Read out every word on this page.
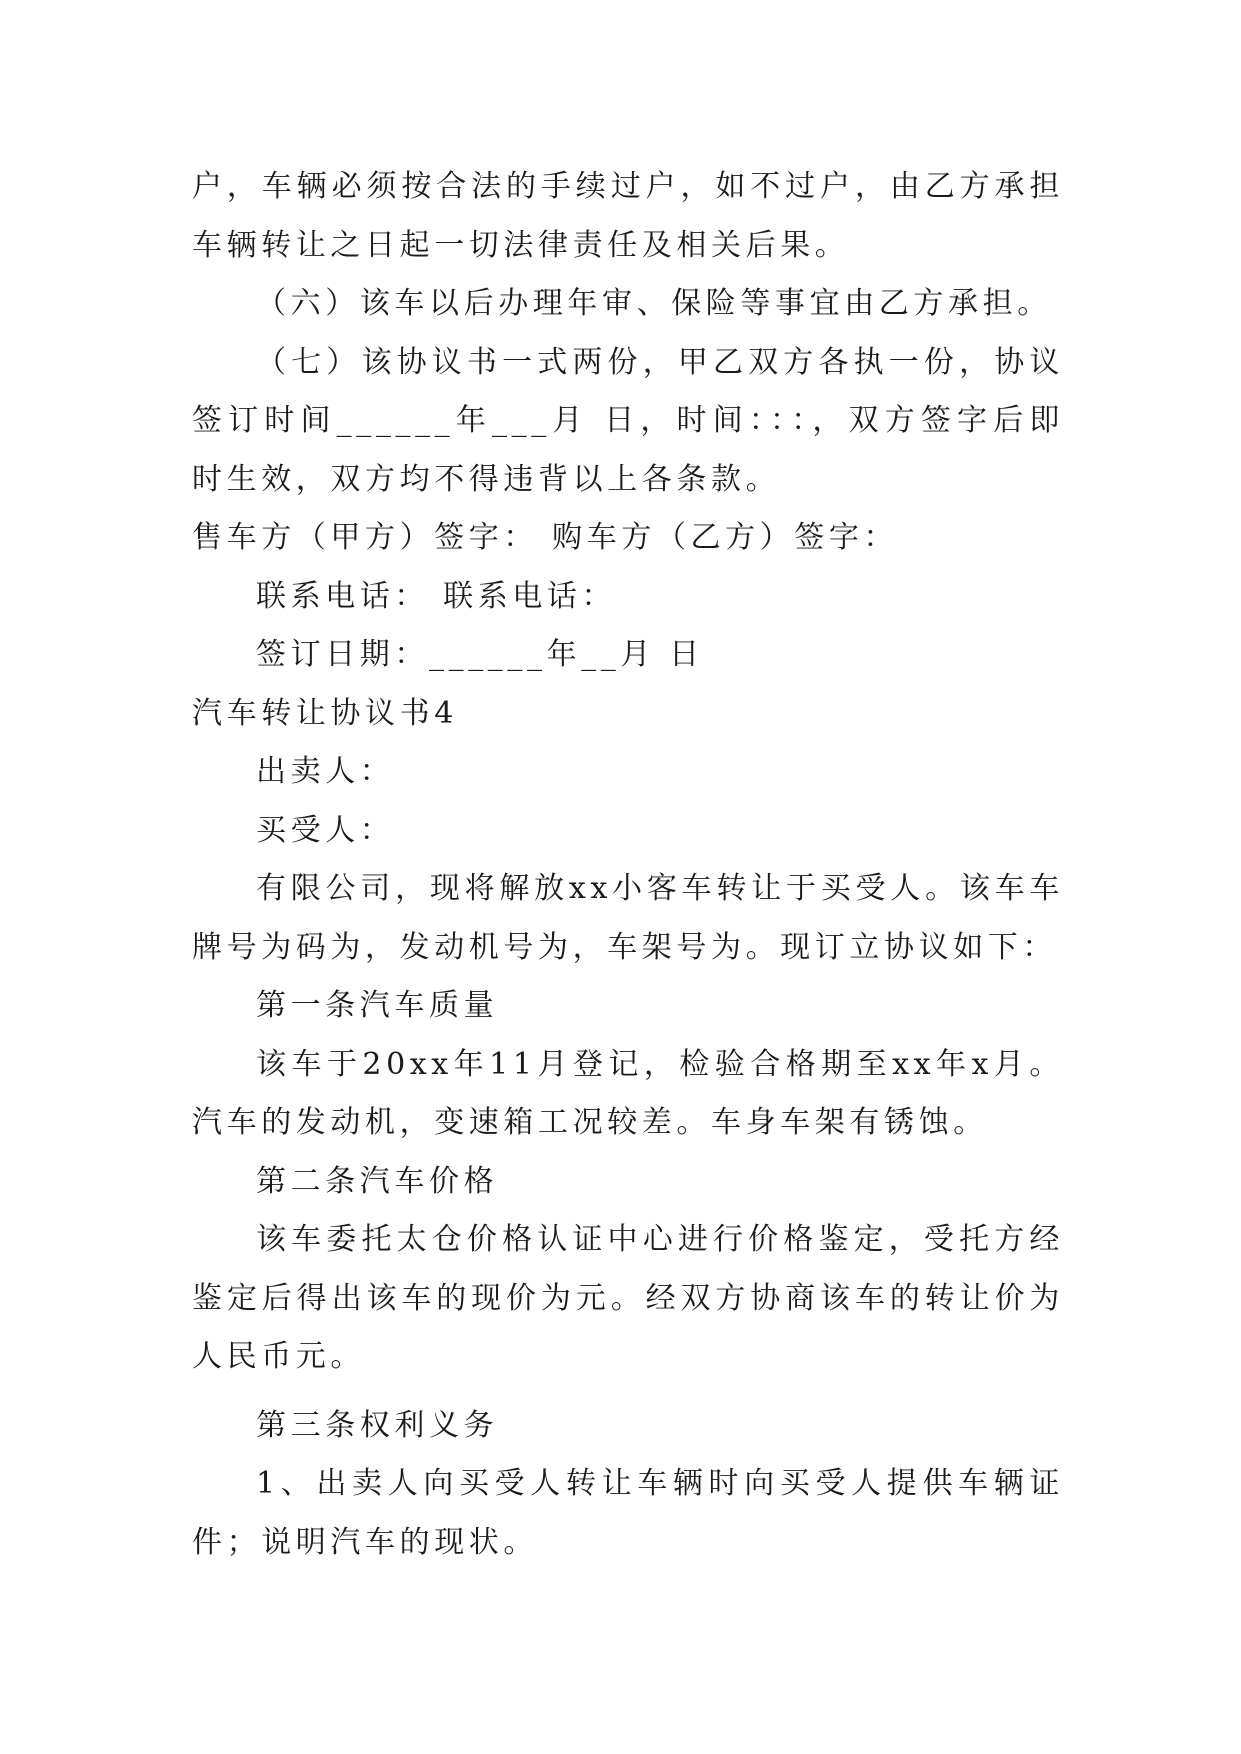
户，车辆必须按合法的手续过户，如不过户，由乙方承担车辆转让之日起一切法律责任及相关后果。

（六）该车以后办理年审、保险等事宜由乙方承担。

（七）该协议书一式两份，甲乙双方各执一份，协议签订时间______年___月 日，时间：：：，双方签字后即时生效，双方均不得违背以上各条款。

售车方（甲方）签字： 购车方（乙方）签字：

联系电话： 联系电话：

签订日期：______年__月 日

汽车转让协议书4

出卖人：

买受人：

有限公司，现将解放xx小客车转让于买受人。该车车牌号为码为，发动机号为，车架号为。现订立协议如下：

第一条汽车质量

该车于20xx年11月登记，检验合格期至xx年x月。汽车的发动机，变速箱工况较差。车身车架有锈蚀。

第二条汽车价格

该车委托太仓价格认证中心进行价格鉴定，受托方经鉴定后得出该车的现价为元。经双方协商该车的转让价为人民币元。

第三条权利义务

1、出卖人向买受人转让车辆时向买受人提供车辆证件；说明汽车的现状。
